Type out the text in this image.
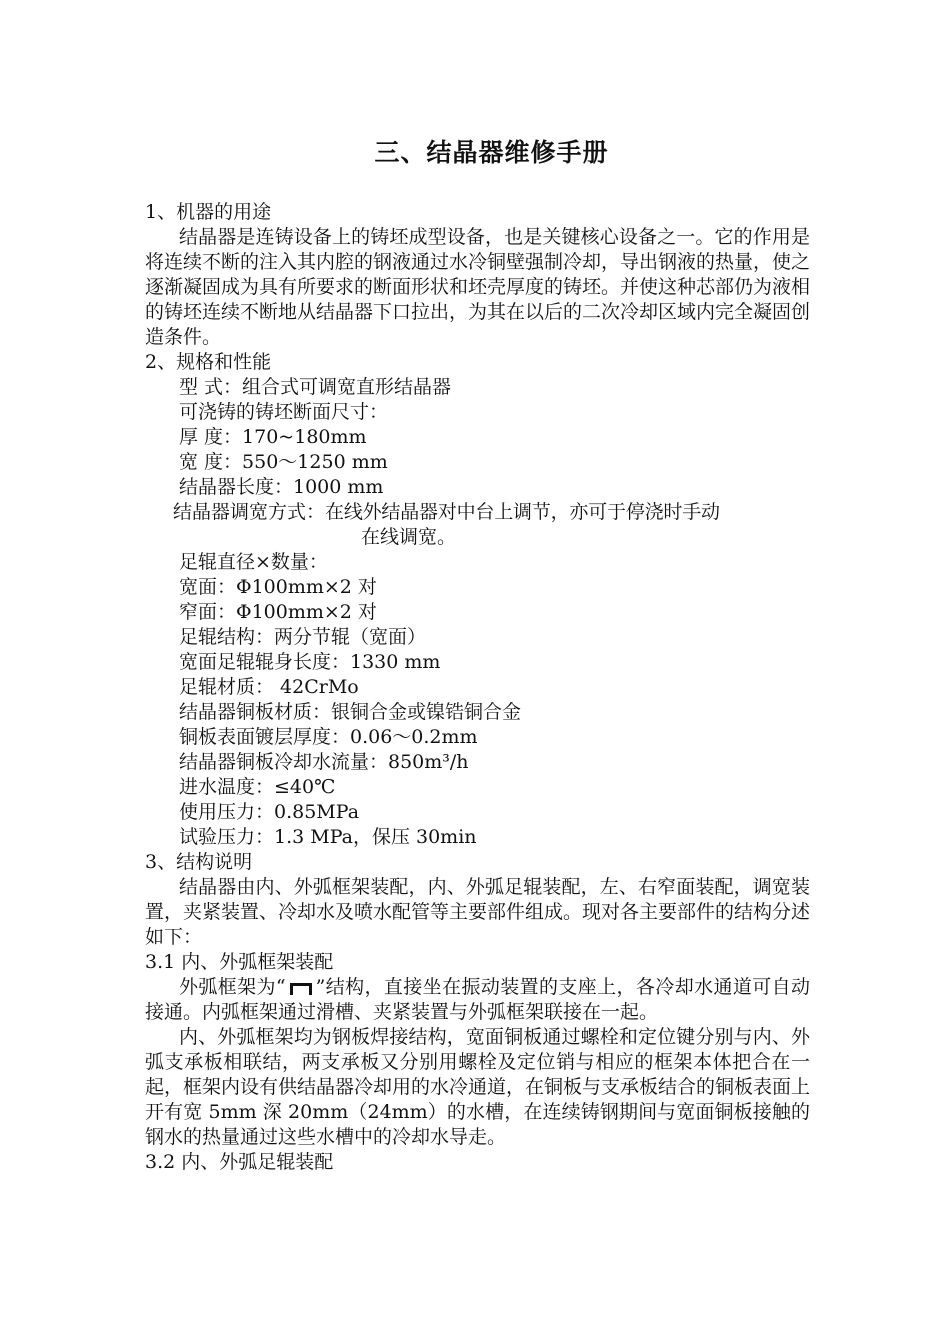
三、结晶器维修手册
1、机器的用途
结晶器是连铸设备上的铸坯成型设备，也是关键核心设备之一。它的作用是将连续不断的注入其内腔的钢液通过水冷铜壁强制冷却，导出钢液的热量，使之逐渐凝固成为具有所要求的断面形状和坯壳厚度的铸坯。并使这种芯部仍为液相的铸坯连续不断地从结晶器下口拉出，为其在以后的二次冷却区域内完全凝固创造条件。
2、规格和性能
型 式：组合式可调宽直形结晶器
可浇铸的铸坯断面尺寸：
厚 度：170~180mm
宽 度：550～1250 mm
结晶器长度：1000 mm
结晶器调宽方式：在线外结晶器对中台上调节，亦可于停浇时手动
在线调宽。
足辊直径×数量：
宽面：Φ100mm×2 对
窄面：Φ100mm×2 对
足辊结构：两分节辊（宽面）
宽面足辊辊身长度：1330 mm
足辊材质： 42CrMo
结晶器铜板材质：银铜合金或镍锆铜合金
铜板表面镀层厚度：0.06～0.2mm
结晶器铜板冷却水流量：850m³/h
进水温度：≤40℃
使用压力：0.85MPa
试验压力：1.3 MPa，保压 30min
3、结构说明
结晶器由内、外弧框架装配，内、外弧足辊装配，左、右窄面装配，调宽装置，夹紧装置、冷却水及喷水配管等主要部件组成。现对各主要部件的结构分述如下：
3.1 内、外弧框架装配
外弧框架为“ ”结构，直接坐在振动装置的支座上，各冷却水通道可自动接通。内弧框架通过滑槽、夹紧装置与外弧框架联接在一起。
内、外弧框架均为钢板焊接结构，宽面铜板通过螺栓和定位键分别与内、外弧支承板相联结，两支承板又分别用螺栓及定位销与相应的框架本体把合在一起，框架内设有供结晶器冷却用的水冷通道，在铜板与支承板结合的铜板表面上开有宽 5mm 深 20mm（24mm）的水槽，在连续铸钢期间与宽面铜板接触的钢水的热量通过这些水槽中的冷却水导走。
3.2 内、外弧足辊装配
